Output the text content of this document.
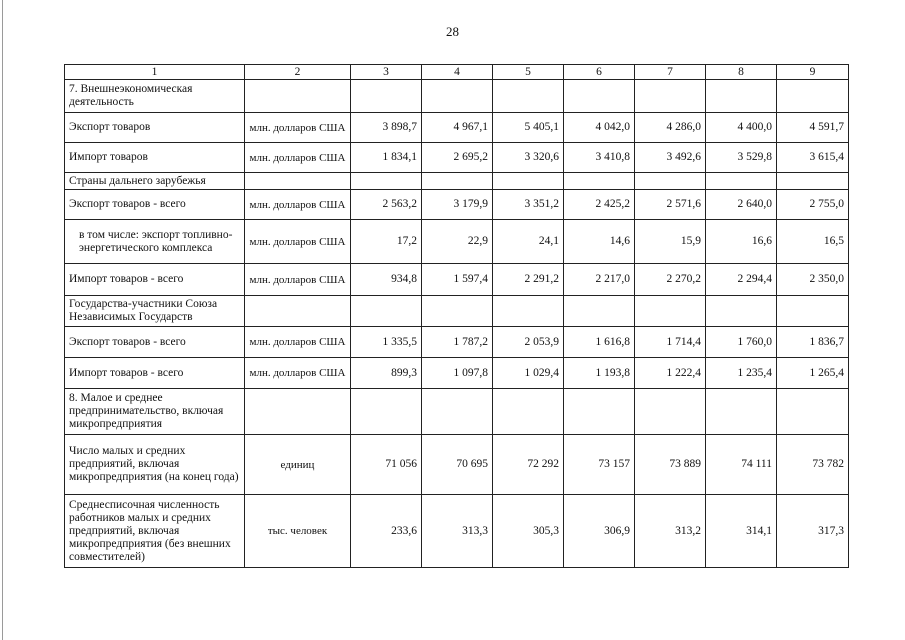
28
1	2	3	4	5	6	7	8	9
7. Внешнеэкономическая деятельность								
Экспорт товаров	млн. долларов США	3 898,7	4 967,1	5 405,1	4 042,0	4 286,0	4 400,0	4 591,7
Импорт товаров	млн. долларов США	1 834,1	2 695,2	3 320,6	3 410,8	3 492,6	3 529,8	3 615,4
Страны дальнего зарубежья								
Экспорт товаров - всего	млн. долларов США	2 563,2	3 179,9	3 351,2	2 425,2	2 571,6	2 640,0	2 755,0
в том числе: экспорт топливно-энергетического комплекса	млн. долларов США	17,2	22,9	24,1	14,6	15,9	16,6	16,5
Импорт товаров - всего	млн. долларов США	934,8	1 597,4	2 291,2	2 217,0	2 270,2	2 294,4	2 350,0
Государства-участники Союза Независимых Государств								
Экспорт товаров - всего	млн. долларов США	1 335,5	1 787,2	2 053,9	1 616,8	1 714,4	1 760,0	1 836,7
Импорт товаров - всего	млн. долларов США	899,3	1 097,8	1 029,4	1 193,8	1 222,4	1 235,4	1 265,4
8. Малое и среднее предпринимательство, включая микропредприятия								
Число малых и средних предприятий, включая микропредприятия (на конец года)	единиц	71 056	70 695	72 292	73 157	73 889	74 111	73 782
Среднесписочная численность работников малых и средних предприятий, включая микропредприятия (без внешних совместителей)	тыс. человек	233,6	313,3	305,3	306,9	313,2	314,1	317,3
